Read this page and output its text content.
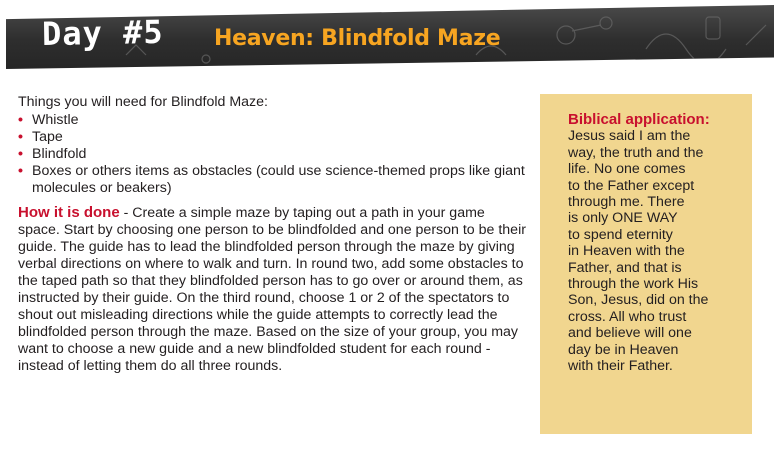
Day #5 Heaven: Blindfold Maze

Things you will need for Blindfold Maze:

• Whistle
• Tape
• Blindfold
• Boxes or others items as obstacles (could use science-themed props like giant molecules or beakers)

How it is done - Create a simple maze by taping out a path in your game space. Start by choosing one person to be blindfolded and one person to be their guide. The guide has to lead the blindfolded person through the maze by giving verbal directions on where to walk and turn. In round two, add some obstacles to the taped path so that they blindfolded person has to go over or around them, as instructed by their guide. On the third round, choose 1 or 2 of the spectators to shout out misleading directions while the guide attempts to correctly lead the blindfolded person through the maze. Based on the size of your group, you may want to choose a new guide and a new blindfolded student for each round - instead of letting them do all three rounds.

Biblical application:
Jesus said I am the
way, the truth and the
life. No one comes
to the Father except
through me. There
is only ONE WAY
to spend eternity
in Heaven with the
Father, and that is
through the work His
Son, Jesus, did on the
cross. All who trust
and believe will one
day be in Heaven
with their Father.
